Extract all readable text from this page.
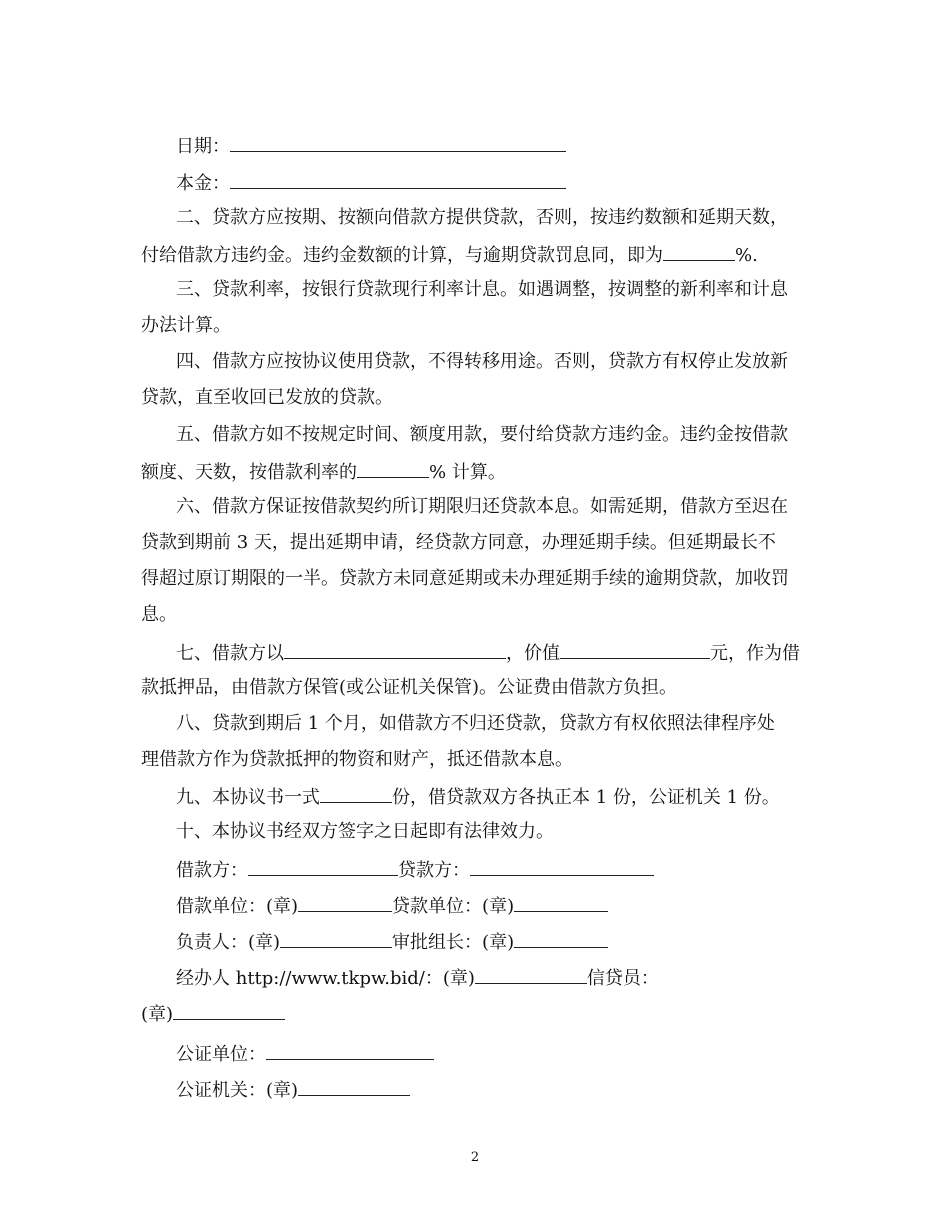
日期：
本金：
二、贷款方应按期、按额向借款方提供贷款，否则，按违约数额和延期天数，
付给借款方违约金。违约金数额的计算，与逾期贷款罚息同，即为	%.
三、贷款利率，按银行贷款现行利率计息。如遇调整，按调整的新利率和计息
办法计算。
四、借款方应按协议使用贷款，不得转移用途。否则，贷款方有权停止发放新
贷款，直至收回已发放的贷款。
五、借款方如不按规定时间、额度用款，要付给贷款方违约金。违约金按借款
额度、天数，按借款利率的	% 计算。
六、借款方保证按借款契约所订期限归还贷款本息。如需延期，借款方至迟在
贷款到期前 3 天，提出延期申请，经贷款方同意，办理延期手续。但延期最长不
得超过原订期限的一半。贷款方未同意延期或未办理延期手续的逾期贷款，加收罚
息。
七、借款方以	，价值	元，作为借
款抵押品，由借款方保管(或公证机关保管)。公证费由借款方负担。
八、贷款到期后 1 个月，如借款方不归还贷款，贷款方有权依照法律程序处
理借款方作为贷款抵押的物资和财产，抵还借款本息。
九、本协议书一式	份，借贷款双方各执正本 1 份，公证机关 1 份。
十、本协议书经双方签字之日起即有法律效力。
借款方：	贷款方：
借款单位：(章)	贷款单位：(章)
负责人：(章)	审批组长：(章)
经办人 http://www.tkpw.bid/：(章)	信贷员：
(章)
公证单位：
公证机关：(章)
2
